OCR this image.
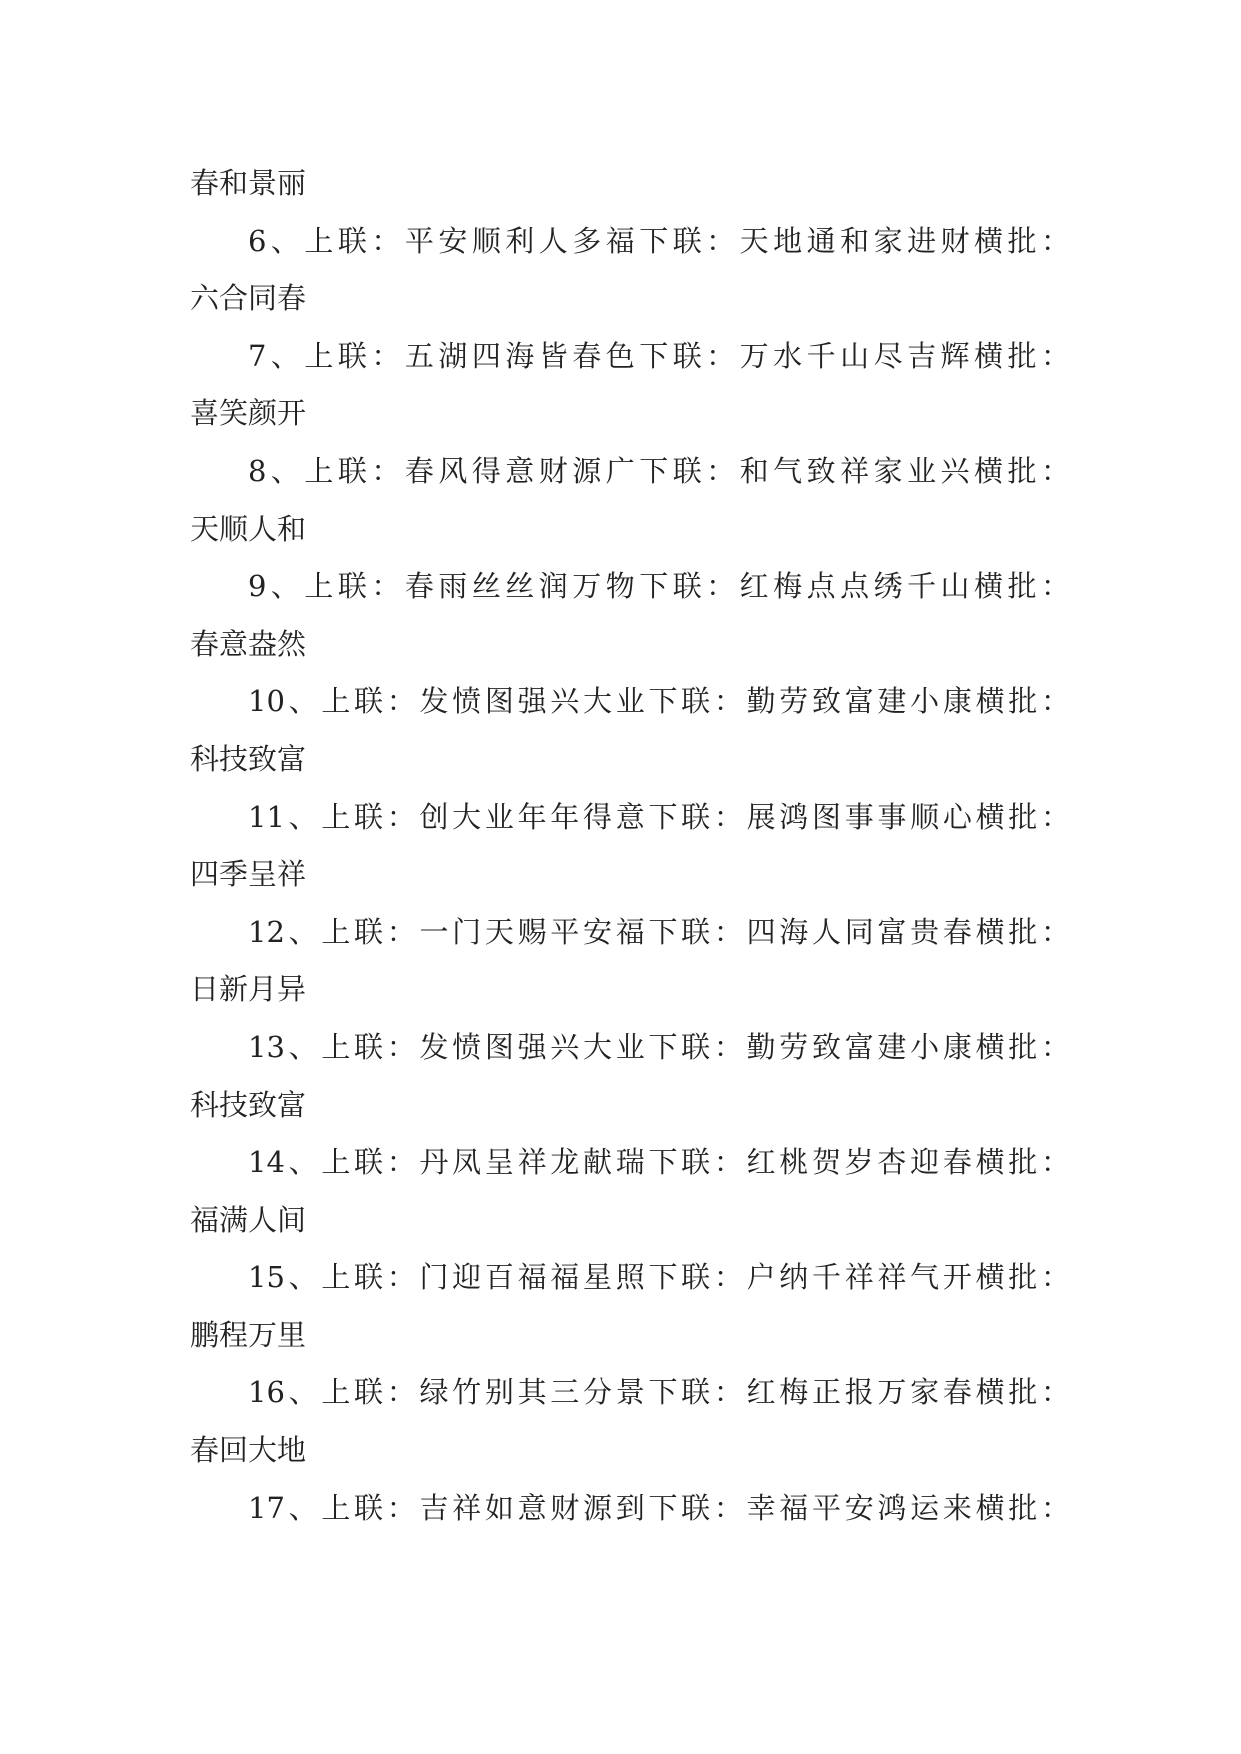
春和景丽
6、上联：平安顺利人多福下联：天地通和家进财横批：
六合同春
7、上联：五湖四海皆春色下联：万水千山尽吉辉横批：
喜笑颜开
8、上联：春风得意财源广下联：和气致祥家业兴横批：
天顺人和
9、上联：春雨丝丝润万物下联：红梅点点绣千山横批：
春意盎然
10、上联：发愤图强兴大业下联：勤劳致富建小康横批：
科技致富
11、上联：创大业年年得意下联：展鸿图事事顺心横批：
四季呈祥
12、上联：一门天赐平安福下联：四海人同富贵春横批：
日新月异
13、上联：发愤图强兴大业下联：勤劳致富建小康横批：
科技致富
14、上联：丹凤呈祥龙献瑞下联：红桃贺岁杏迎春横批：
福满人间
15、上联：门迎百福福星照下联：户纳千祥祥气开横批：
鹏程万里
16、上联：绿竹别其三分景下联：红梅正报万家春横批：
春回大地
17、上联：吉祥如意财源到下联：幸福平安鸿运来横批：
